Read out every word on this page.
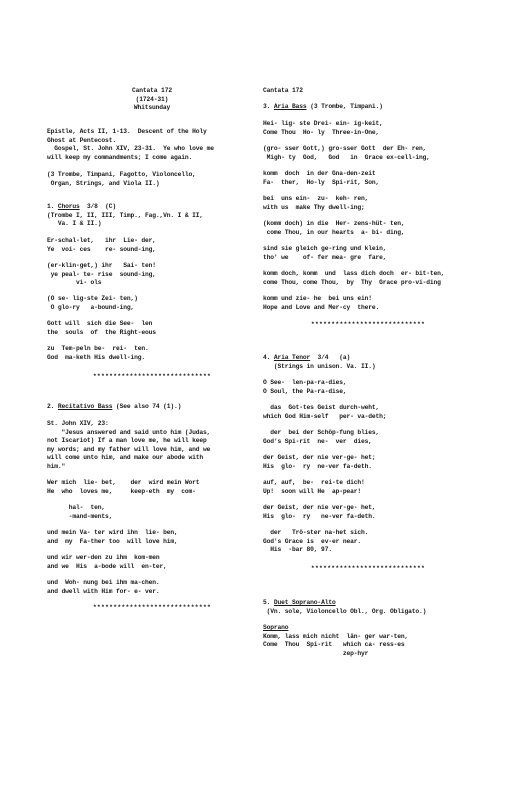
Cantata 172
(1724-31)
Whitsunday
Epistle, Acts II, 1-13.  Descent of the Holy
Ghost at Pentecost.
Gospel, St. John XIV, 23-31.  Ye who love me
will keep my commandments; I come again.
(3 Trombe, Timpani, Fagotto, Violoncello,
Organ, Strings, and Viola II.)
1. Chorus  3/8  (C)
(Trombe I, II, III, Timp., Fag.,Vn. I & II,
Va. I & II.)
Er-schal-let,   ihr  Lie- der,
Ye  voi- ces    re- sound-ing,
(er-klin-get,) ihr   Sai- ten!
ye peal- te- rise  sound-ing,
vi- ols
(O se- lig-ste Zei- ten,)
O glo-ry   a-bound-ing,
Gott will  sich die See-  len
the  souls  of  the Right-eous
zu  Tem-peln be-  rei-  ten.
God  ma-keth His dwell-ing.
*****************************
2. Recitativo Bass (See also 74 (1).)
St. John XIV, 23:
"Jesus answered and said unto him (Judas,
not Iscariot) If a man love me, he will keep
my words; and my father will love him, and we
will come unto him, and make our abode with
him."
Wer mich  lie- bet,    der  wird mein Wort
He  who  loves me,     keep-eth  my  com-
hal-  ten,
-mand-ments,
und mein Va- ter wird ihn  lie- ben,
and  my  Fa-ther too  will love him,
und wir wer-den zu ihm  kom-men
and we  His  a-bode will  en-ter,
und  Woh- nung bei ihm ma-chen.
and dwell with Him for- e- ver.
*****************************
Cantata 172
3. Aria Bass (3 Trombe, Timpani.)
Hei- lig- ste Drei- ein- ig-keit,
Come Thou  Ho- ly  Three-in-One,
(gro- sser Gott,) gro-sser Gott  der Eh- ren,
Migh- ty  God,   God   in  Grace ex-cell-ing,
komm  doch  in der Gna-den-zeit
Fa-  ther,  Ho-ly  Spi-rit, Son,
bei  uns ein-  zu-  keh- ren,
with us  make Thy dwell-ing;
(komm doch) in die  Her- zens-hüt- ten,
come Thou, in our hearts  a- bi- ding,
sind sie gleich ge-ring und klein,
tho' we    of- fer mea- gre  fare,
komm doch, komm  und  lass dich doch  er- bit-ten,
come Thou, come Thou,  by  Thy  Grace pro-vi-ding
komm und zie- he  bei uns ein!
Hope and Love and Mer-cy  there.
****************************
4. Aria Tenor  3/4   (a)
(Strings in unison. Va. II.)
O See-  len-pa-ra-dies,
O Soul, the Pa-ra-dise,
das  Got-tes Geist durch-weht,
which God Him-self   per- va-deth;
der  bei der Schöp-fung blies,
God's Spi-rit  ne-  ver  dies,
der Geist, der nie ver-ge- het;
His  glo-  ry  ne-ver fa-deth.
auf, auf,  be-  rei-te dich!
Up!  soon will He  ap-pear!
der Geist, der nie ver-ge- het,
His  glo-  ry   ne-ver fa-deth.
der   Trö-ster na-het sich.
God's Grace is  ev-er near.
His  -bar 80, 97.
****************************
5. Duet Soprano-Alto
(Vn. sole, Violoncello Obl., Org. Obligato.)
Soprano
Komm, lass mich nicht  län- ger war-ten,
Come  Thou  Spi-rit   which ca- ress-es
zep-hyr
